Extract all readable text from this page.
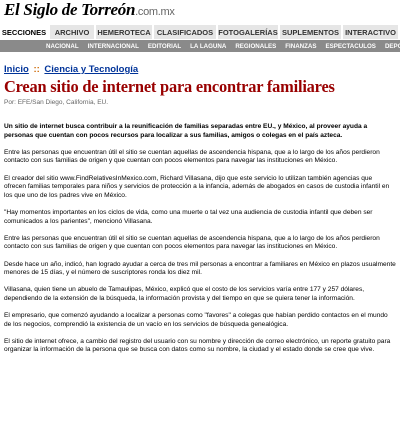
El Siglo de Torreón.com.mx
SECCIONES	ARCHIVO	HEMEROTECA CLASIFICADOS FOTOGALERÍAS SUPLEMENTOS INTERACTIVO
NACIONAL INTERNACIONAL EDITORIAL LA LAGUNA REGIONALES FINANZAS ESPECTACULOS DEPORTES
Inicio :: Ciencia y Tecnología
Crean sitio de internet para encontrar familiares
Por: EFE/San Diego, California, EU.

Un sitio de internet busca contribuir a la reunificación de familias separadas entre EU., y México, al proveer ayuda a personas que cuentan con pocos recursos para localizar a sus familias, amigos o colegas en el país azteca.

Entre las personas que encuentran útil el sitio se cuentan aquellas de ascendencia hispana, que a lo largo de los años perdieron contacto con sus familias de origen y que cuentan con pocos elementos para navegar las instituciones en México.

El creador del sitio www.FindRelativesInMexico.com, Richard Villasana, dijo que este servicio lo utilizan también agencias que ofrecen familias temporales para niños y servicios de protección a la infancia, además de abogados en casos de custodia infantil en los que uno de los padres vive en México.

"Hay momentos importantes en los ciclos de vida, como una muerte o tal vez una audiencia de custodia infantil que deben ser comunicados a los parientes", mencionó Villasana.

Entre las personas que encuentran útil el sitio se cuentan aquellas de ascendencia hispana, que a lo largo de los años perdieron contacto con sus familias de origen y que cuentan con pocos elementos para navegar las instituciones en México.

Desde hace un año, indicó, han logrado ayudar a cerca de tres mil personas a encontrar a familiares en México en plazos usualmente menores de 15 días, y el número de suscriptores ronda los diez mil.

Villasana, quien tiene un abuelo de Tamaulipas, México, explicó que el costo de los servicios varía entre 177 y 257 dólares, dependiendo de la extensión de la búsqueda, la información provista y del tiempo en que se quiera tener la información.

El empresario, que comenzó ayudando a localizar a personas como "favores" a colegas que habían perdido contactos en el mundo de los negocios, comprendió la existencia de un vacío en los servicios de búsqueda genealógica.

El sitio de internet ofrece, a cambio del registro del usuario con su nombre y dirección de correo electrónico, un reporte gratuito para organizar la información de la persona que se busca con datos como su nombre, la ciudad y el estado donde se cree que vive.
